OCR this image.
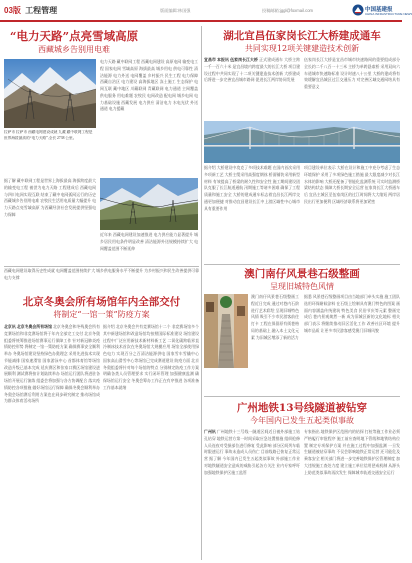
03版 工程管理	版面编辑:林国强	投稿邮箱:jggl@foxmail.com	中国基建报
CHINA INFRASTRUCTURE NEWS
“电力天路”点亮雪域高原
西藏城乡告别用电难
拉萨市 拉萨市 西藏电网建设成就 九藏 藏中联网工程是世界海拔最高的“电力天路”,全长 2738 公里。
电力天路 藏中联网工程 西藏电网建设 高原电网 输变电工程 国家电网 雪域高原 海拔最高 城乡用电 供电可靠性 清洁能源 电力外送 电网覆盖 乡村振兴 民生工程 电力保障 西藏自治区 电力建设 高海拔地区 冻土施工 生态保护 电网互联 藏中地区 川藏联网 青藏联网 电力通道 主网覆盖 供电服务 用电难题 农牧民 电网改造 配电网 城乡电网 电力基础设施 西藏发展 电力供应 清洁电力 水电光伏 外送通道 电力援藏
近年来 西藏电网建设加速推进 电力供应能力显著提升 城乡居民用电条件明显改善 清洁能源外送规模持续扩大 电网覆盖范围不断延伸
据了解 藏中联网工程是世界上海拔最高 海拔跨度最大的输变电工程 被誉为电力天路 工程建成后 西藏电网与四川电网实现互联 结束了藏中电网孤网运行的历史 西藏城乡告别用电难 农牧民生活用电质量大幅提升 电力天路点亮雪域高原 为西藏经济社会发展提供坚强电力保障
西藏电网建设取得历史性成就 电网覆盖范围持续扩大 城乡供电服务水平不断提升 为乡村振兴和民生改善提供可靠电力支撑
北京冬奥会所有场馆年内全部交付
将制定“一馆一策”防疫方案
北京讯 北京冬奥会所有场馆 北京冬奥会和冬残奥会所有竞赛场馆和非竞赛场馆将于年内全部完工交付 北京冬奥组委将统筹推进场馆赛事运行保障工作 针对新冠肺炎疫情防控形势 将制定一馆一策防疫方案 确保赛事安全顺利举办 冬奥场馆建设坚持绿色办奥理念 采用先进技术实现节能减排 国家速滑馆 国家游泳中心 首都体育馆等场馆改造升级已基本完成 延庆赛区和张家口赛区场馆建设进展顺利 测试赛将按计划陆续举办 场馆运行团队将进驻各场馆开展运行演练 组委会将加强与各方协调配合 落实疫情防控各项措施 做好场馆运行保障 确保冬奥会顺利举办 冬奥会场馆赛后利用方案也在同步研究制定 推动场馆成为群众体育活动场所
据介绍 北京冬奥会共有竞赛场馆十二个 非竞赛场馆多个 其中新建场馆和改造场馆均按照国际标准建设 场馆建设过程中广泛应用新技术新材料新工艺 二氧化碳跨临界直冷制冰技术首次在冬奥场馆大规模应用 场馆全部使用绿色电力 实现百分之百清洁能源供电 国家雪车雪橇中心 国家高山滑雪中心等场馆已完成赛道建设 防疫方面 北京冬奥组委将针对每个场馆的特点 分别制定防疫工作方案 明确各类人员管理要求 实行闭环管理 加强健康监测 确保场馆运行安全 冬奥会筹办工作正在有序推进 各项准备工作基本就绪
湖北宜昌伍家岗长江大桥建成通车
共同实现12项关键建造技术创新
宜昌市 本报讯 伍家岗长江大桥 正式建成通车 大桥主跨一千一百六十米 是宜昌境内跨度最大的长江大桥 项目建设过程中共同实现了十二项关键建造技术创新 大桥建成后将进一步完善宜昌城市路网 促进长江两岸协同发展
伍家岗长江大桥是宜昌市城市快速路网的重要组成部分 全长约二千八百一十三米 主桥为单跨悬索桥 采用双向六车道城市快速路标准 设计时速八十公里 大桥的建成将有效缓解宜昌城区过江交通压力 对完善区域交通网络具有重要意义
据介绍 大桥建设中攻克了多项技术难题 在国内首次采用多项新工艺 大桥主缆采用高强度钢丝 桥面铺装采用新型材料 有效提高了桥梁的耐久性和安全性 施工期间建设团队克服了长江航道通航 汛期施工等诸多困难 确保了工程质量和施工安全 大桥的建成通车标志着宜昌长江两岸交通更加便捷 对推动宜昌建设长江中上游区域性中心城市具有重要作用
项目建设单位表示 大桥在设计和施工中充分考虑了生态环境保护 采用了多项绿色施工措施 最大限度减少对长江水体的影响 大桥还配备了智能化监测系统 可实时监测桥梁结构状态 保障大桥长期安全运营 伍家岗长江大桥通车后 宜昌主城区至伍家岗区的过江时间将大大缩短 两岸居民出行更加便利 区域经济联系将更加紧密
澳门南仔风景巷石级整画
呈现旧城特色风情
澳门南仔风景巷石级整画工程近日完成 通过对巷内石阶进行艺术彩绘 呈现旧城特色风情 吸引不少市民游客前往打卡 工程在保留原有街巷格局的基础上 融入本土文化元素 为旧城区增添了新的活力
据悉 风景巷石级整画项目由当地部门牵头实施 施工团队选用环保耐候涂料 在石级上绘制具有澳门特色的图案 画面内容涵盖传统建筑 特色美食 民俗节庆等元素 整画完成后 巷内景观焕然一新 成为旧城区新的文化地标 相关部门表示 将继续推动旧区活化工作 改善社区环境 提升城市品质 让更多市民游客感受澳门旧城风貌
广州地铁13号线隧道被钻穿
今年国内已发生五起类似事故
广州讯 广州地铁十三号线一隧道区间近日被外部施工钻孔钻穿 地铁运营方第一时间采取应急处置措施 组织抢修人员连夜对受损部位进行修复 受此影响 部分区间列车临时限速运行 事故未造成人员伤亡 目前线路已恢复正常运营 据了解 今年国内已发生五起类似事故 外部施工作业对地铁隧道安全造成的威胁引起各方关注 业内专家呼吁加强地铁保护区施工监管
专家指出 地铁保护区范围内的钻探 打桩等施工作业必须严格履行审批程序 施工前应查明地下管线和地铁结构位置 制定专项保护方案 并在施工过程中加强监测 一旦发生隧道被钻穿事故 不仅会影响地铁正常运营 还可能危及乘客安全 相关部门将进一步完善地铁保护区管理制度 加大违规施工查处力度 建立施工单位信用惩戒机制 从源头上防范类似事故再次发生 保障城市轨道交通安全运行
